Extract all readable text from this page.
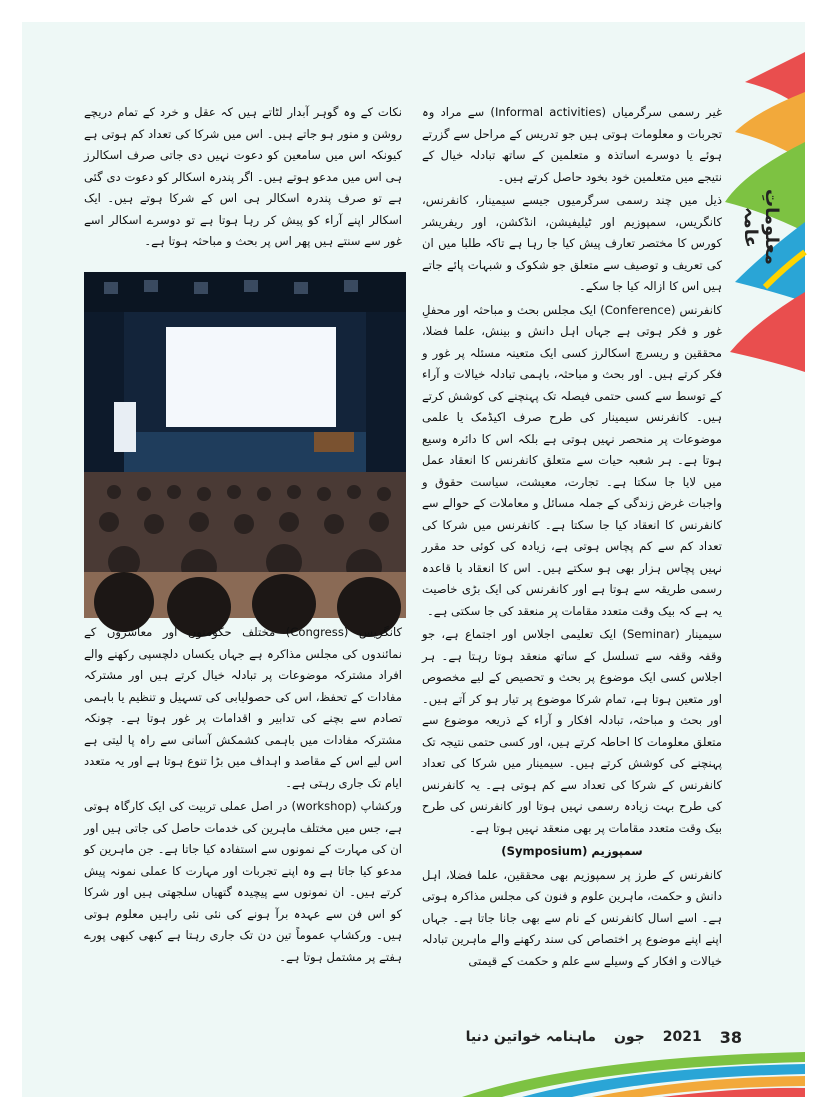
معلوماتِ عامہ

غیر رسمی سرگرمیاں (Informal activities) سے مراد وہ تجربات و معلومات ہوتی ہیں جو تدریس کے مراحل سے گزرتے ہوئے یا دوسرے اساتذہ و متعلمین کے ساتھ تبادلہ خیال کے نتیجے میں متعلمین خود بخود حاصل کرتے ہیں۔

ذیل میں چند رسمی سرگرمیوں جیسے سیمینار، کانفرنس، کانگریس، سمپوزیم اور ٹیلیفیشن، انڈکشن، اور ریفریشر کورس کا مختصر تعارف پیش کیا جا رہا ہے تاکہ طلبا میں ان کی تعریف و توصیف سے متعلق جو شکوک و شبہات پائے جاتے ہیں اس کا ازالہ کیا جا سکے۔

کانفرنس (Conference) ایک مجلس بحث و مباحثہ اور محفلِ غور و فکر ہوتی ہے جہاں اہل دانش و بینش، علما فضلا، محققین و ریسرچ اسکالرز کسی ایک متعینہ مسئلہ پر غور و فکر کرتے ہیں۔ اور بحث و مباحثہ، باہمی تبادلہ خیالات و آراء کے توسط سے کسی حتمی فیصلہ تک پہنچنے کی کوشش کرتے ہیں۔ کانفرنس سیمینار کی طرح صرف اکیڈمک یا علمی موضوعات پر منحصر نہیں ہوتی ہے بلکہ اس کا دائرہ وسیع ہوتا ہے۔ ہر شعبہ حیات سے متعلق کانفرنس کا انعقاد عمل میں لایا جا سکتا ہے۔ تجارت، معیشت، سیاست حقوق و واجبات غرض زندگی کے جملہ مسائل و معاملات کے حوالے سے کانفرنس کا انعقاد کیا جا سکتا ہے۔ کانفرنس میں شرکا کی تعداد کم سے کم پچاس ہوتی ہے، زیادہ کی کوئی حد مقرر نہیں پچاس ہزار بھی ہو سکتے ہیں۔ اس کا انعقاد با قاعدہ رسمی طریقہ سے ہوتا ہے اور کانفرنس کی ایک بڑی خاصیت یہ ہے کہ بیک وقت متعدد مقامات پر منعقد کی جا سکتی ہے۔

سیمینار (Seminar) ایک تعلیمی اجلاس اور اجتماع ہے، جو وقفہ وقفہ سے تسلسل کے ساتھ منعقد ہوتا رہتا ہے۔ ہر اجلاس کسی ایک موضوع پر بحث و تحصیص کے لیے مخصوص اور متعین ہوتا ہے، تمام شرکا موضوع پر تیار ہو کر آتے ہیں۔ اور بحث و مباحثہ، تبادلہ افکار و آراء کے ذریعہ موضوع سے متعلق معلومات کا احاطہ کرتے ہیں، اور کسی حتمی نتیجہ تک پہنچنے کی کوشش کرتے ہیں۔ سیمینار میں شرکا کی تعداد کانفرنس کے شرکا کی تعداد سے کم ہوتی ہے۔ یہ کانفرنس کی طرح بہت زیادہ رسمی نہیں ہوتا اور کانفرنس کی طرح بیک وقت متعدد مقامات پر بھی منعقد نہیں ہوتا ہے۔

سمپوزیم (Symposium)

کانفرنس کے طرز پر سمپوزیم بھی محققین، علما فضلا، اہل دانش و حکمت، ماہرین علوم و فنون کی مجلس مذاکرہ ہوتی ہے۔ اسے اسال کانفرنس کے نام سے بھی جانا جاتا ہے۔ جہاں اپنے اپنے موضوع پر اختصاص کی سند رکھنے والے ماہرین تبادلہ خیالات و افکار کے وسیلے سے علم و حکمت کے قیمتی

نکات کے وہ گوہر آبدار لٹاتے ہیں کہ عقل و خرد کے تمام دریچے روشن و منور ہو جاتے ہیں۔ اس میں شرکا کی تعداد کم ہوتی ہے کیونکہ اس میں سامعین کو دعوت نہیں دی جاتی صرف اسکالرز ہی اس میں مدعو ہوتے ہیں۔ اگر پندرہ اسکالر کو دعوت دی گئی ہے تو صرف پندرہ اسکالر ہی اس کے شرکا ہوتے ہیں۔ ایک اسکالر اپنے آراء کو پیش کر رہا ہوتا ہے تو دوسرے اسکالر اسے غور سے سنتے ہیں پھر اس پر بحث و مباحثہ ہوتا ہے۔

کانگریس (Congress) مختلف حکومتوں اور معاشروں کے نمائندوں کی مجلس مذاکرہ ہے جہاں یکساں دلچسپی رکھنے والے افراد مشترکہ موضوعات پر تبادلہ خیال کرتے ہیں اور مشترکہ مفادات کے تحفظ، اس کی حصولیابی کی تسہیل و تنظیم یا باہمی تصادم سے بچنے کی تدابیر و اقدامات پر غور ہوتا ہے۔ چونکہ مشترکہ مفادات میں باہمی کشمکش آسانی سے راہ پا لیتی ہے اس لیے اس کے مقاصد و اہداف میں بڑا تنوع ہوتا ہے اور یہ متعدد ایام تک جاری رہتی ہے۔

ورکشاپ (workshop) در اصل عملی تربیت کی ایک کارگاہ ہوتی ہے، جس میں مختلف ماہرین کی خدمات حاصل کی جاتی ہیں اور ان کی مہارت کے نمونوں سے استفادہ کیا جاتا ہے۔ جن ماہرین کو مدعو کیا جاتا ہے وہ اپنے تجربات اور مہارت کا عملی نمونہ پیش کرتے ہیں۔ ان نمونوں سے پیچیدہ گتھیاں سلجھتی ہیں اور شرکا کو اس فن سے عہدہ برآ ہونے کی نئی نئی راہیں معلوم ہوتی ہیں۔ ورکشاپ عموماً تین دن تک جاری رہتا ہے کبھی کبھی پورے ہفتے پر مشتمل ہوتا ہے۔

38
2021
جون
ماہنامہ خواتین دنیا
